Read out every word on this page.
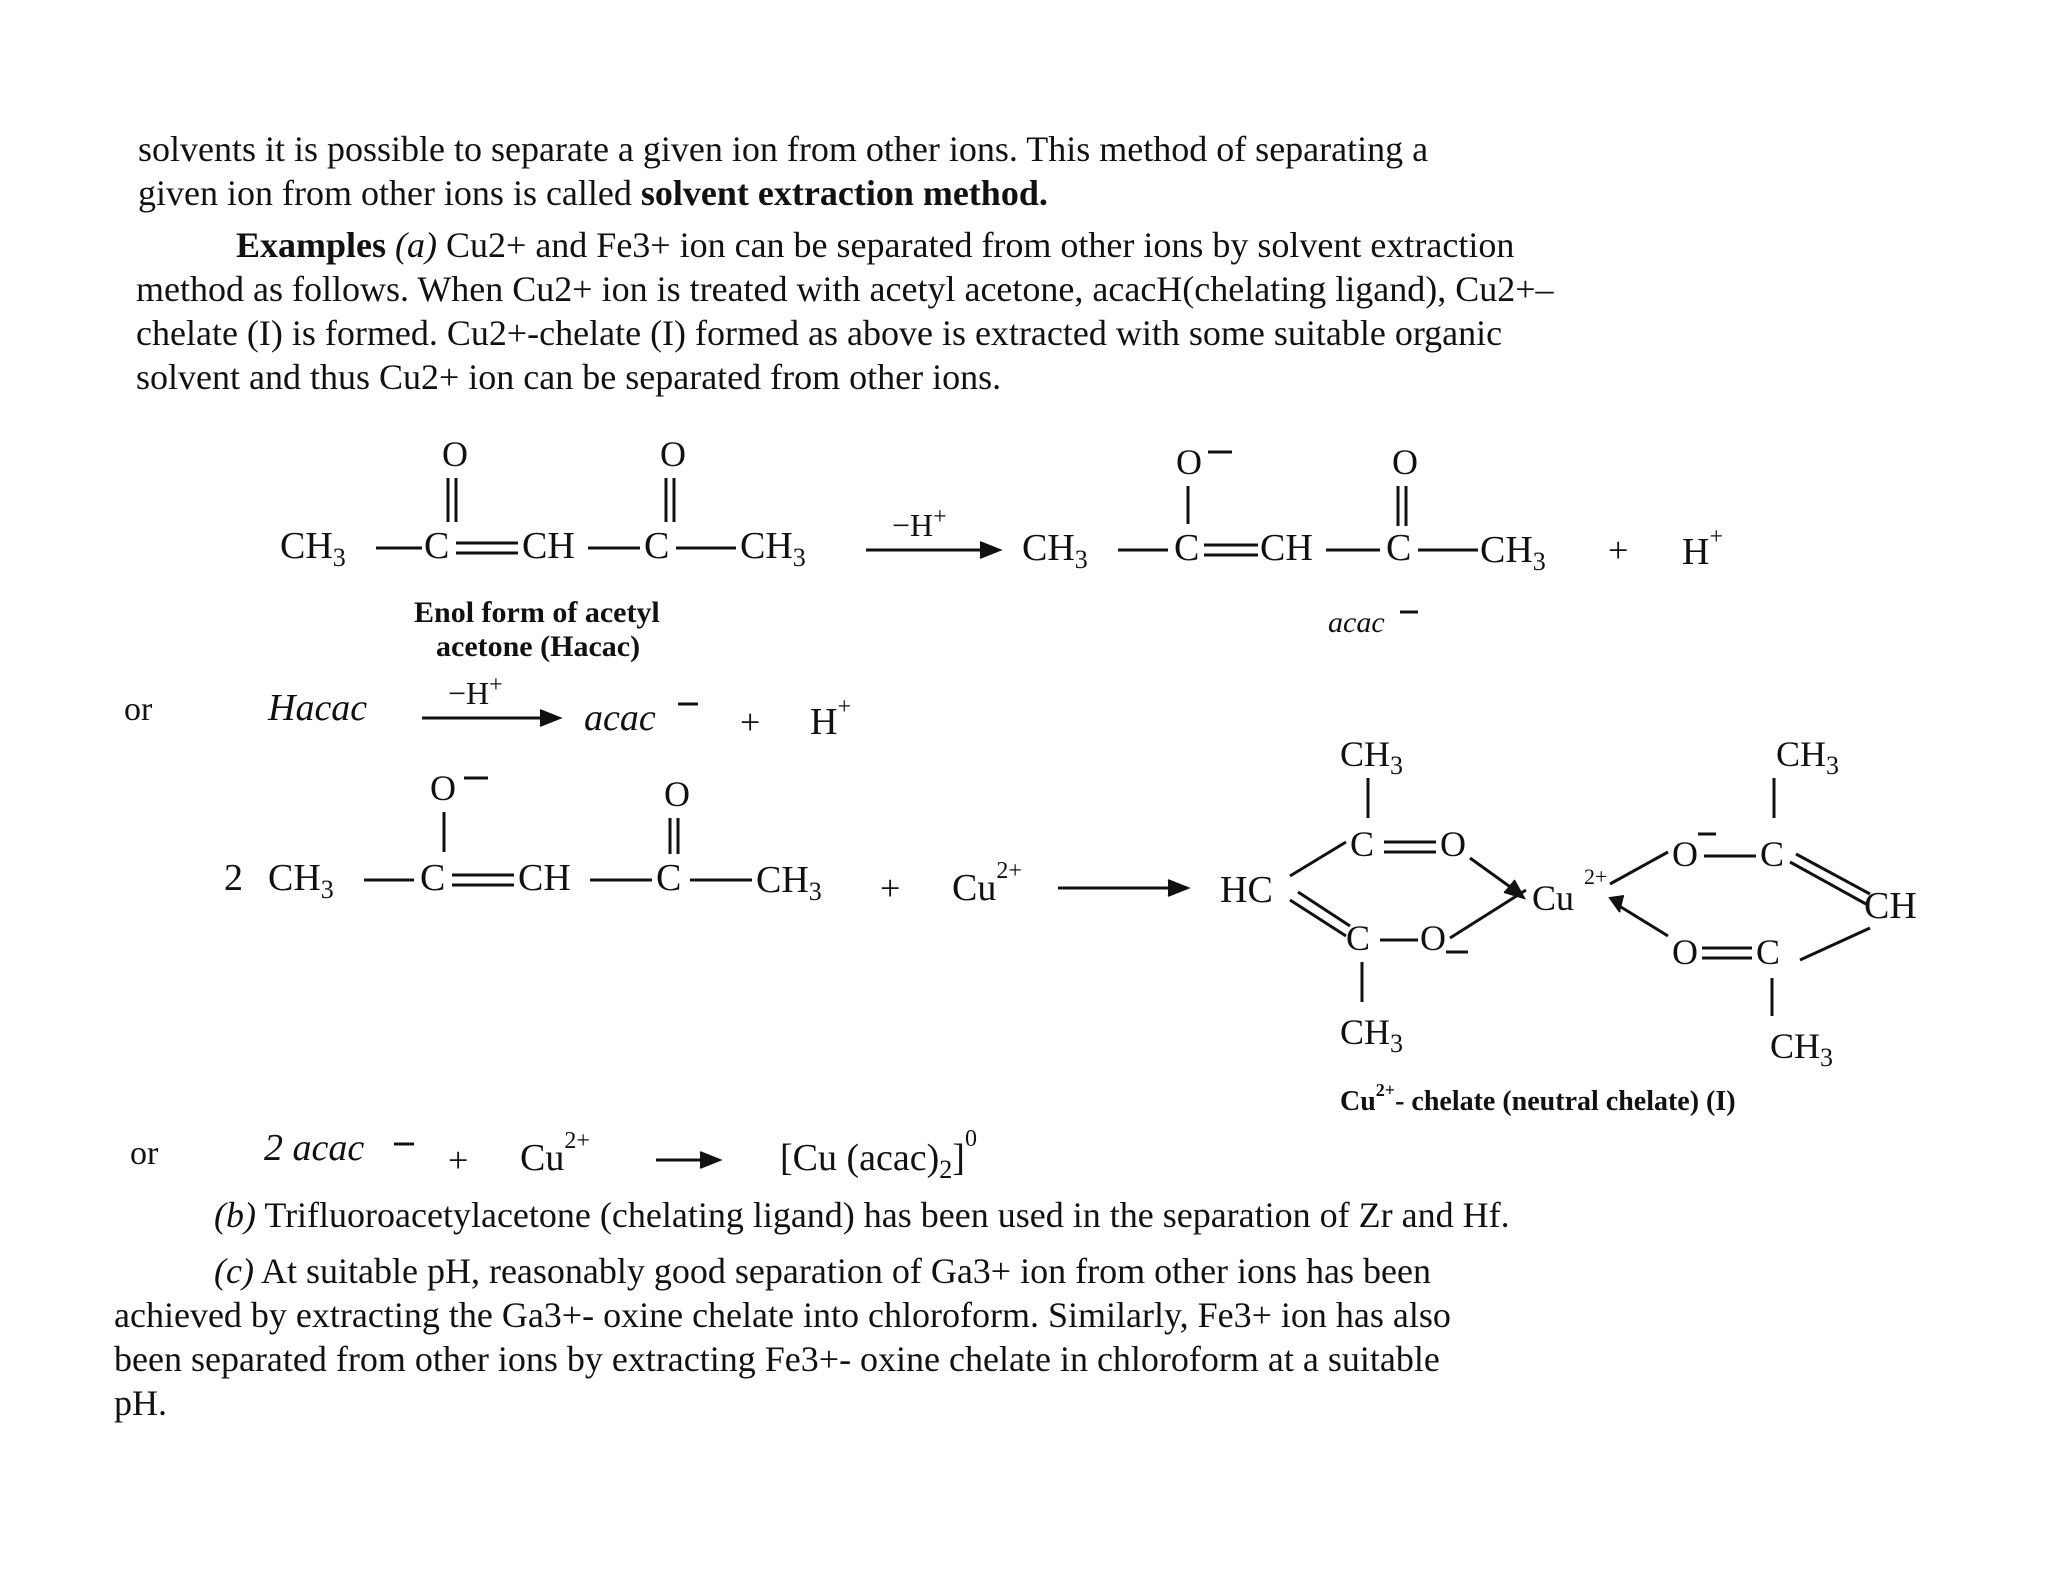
solvents it is possible to separate a given ion from other ions. This method of separating a
given ion from other ions is called solvent extraction method.
Examples (a) Cu2+ and Fe3+ ion can be separated from other ions by solvent extraction
method as follows. When Cu2+ ion is treated with acetyl acetone, acacH(chelating ligand), Cu2+–
chelate (I) is formed. Cu2+-chelate (I) formed as above is extracted with some suitable organic
solvent and thus Cu2+ ion can be separated from other ions.
O	O
$CH_3$ C CH C $CH_3$
−H+
$CH_3$ C
O
CH C
O
$CH_3 + H^+$
Enol form of acetyl
acetone (Hacac)
acac
or	Hacac	−H+
acac + H+
O	O
2 $CH_3$ C CH C $CH_3 + Cu^{2+}$
$CH_3$
C O
HC
C O
$CH_3$
Cu
2+
O C
$CH_3$
CH
O C
$CH_3$
$Cu^{2+}-$ chelate (neutral chelate) (I)
or	2 acac + $Cu^{2+}$	[Cu $(acac)_2]^0$
(b) Trifluoroacetylacetone (chelating ligand) has been used in the separation of Zr and Hf.
(c) At suitable pH, reasonably good separation of Ga3+ ion from other ions has been
achieved by extracting the Ga3+- oxine chelate into chloroform. Similarly, Fe3+ ion has also
been separated from other ions by extracting Fe3+- oxine chelate in chloroform at a suitable
pH.
